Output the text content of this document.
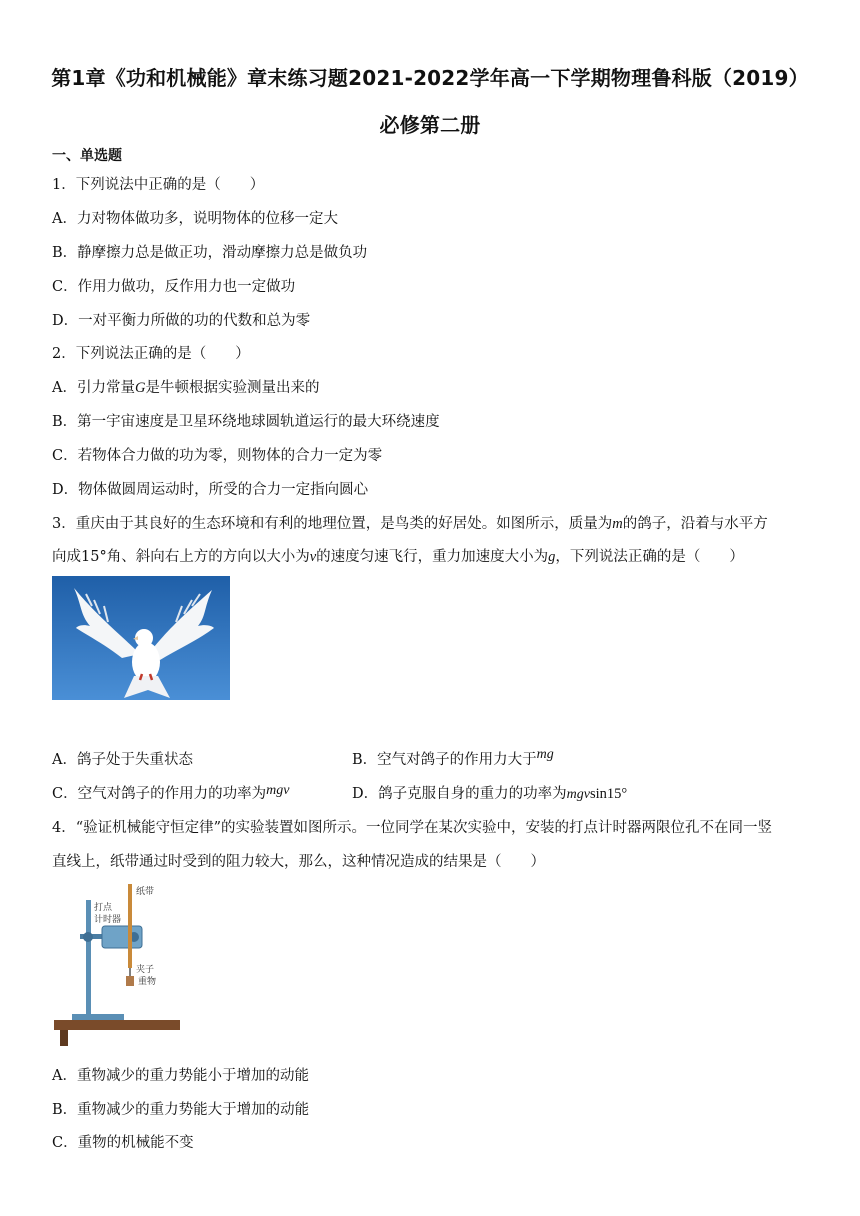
第1章《功和机械能》章末练习题2021-2022学年高一下学期物理鲁科版（2019）
必修第二册
一、单选题
1．下列说法中正确的是（　　）
A．力对物体做功多，说明物体的位移一定大
B．静摩擦力总是做正功，滑动摩擦力总是做负功
C．作用力做功，反作用力也一定做功
D．一对平衡力所做的功的代数和总为零
2．下列说法正确的是（　　）
A．引力常量G是牛顿根据实验测量出来的
B．第一宇宙速度是卫星环绕地球圆轨道运行的最大环绕速度
C．若物体合力做的功为零，则物体的合力一定为零
D．物体做圆周运动时，所受的合力一定指向圆心
3．重庆由于其良好的生态环境和有利的地理位置，是鸟类的好居处。如图所示，质量为m的鸽子，沿着与水平方
向成15°角、斜向右上方的方向以大小为v的速度匀速飞行，重力加速度大小为g，下列说法正确的是（　　）
A．鸽子处于失重状态	B．空气对鸽子的作用力大于mg
C．空气对鸽子的作用力的功率为mgv	D．鸽子克服自身的重力的功率为mgvsin15°
4．“验证机械能守恒定律”的实验装置如图所示。一位同学在某次实验中，安装的打点计时器两限位孔不在同一竖
直线上，纸带通过时受到的阻力较大，那么，这种情况造成的结果是（　　）
纸带
打点
计时器
夹子
重物
A．重物减少的重力势能小于增加的动能
B．重物减少的重力势能大于增加的动能
C．重物的机械能不变
